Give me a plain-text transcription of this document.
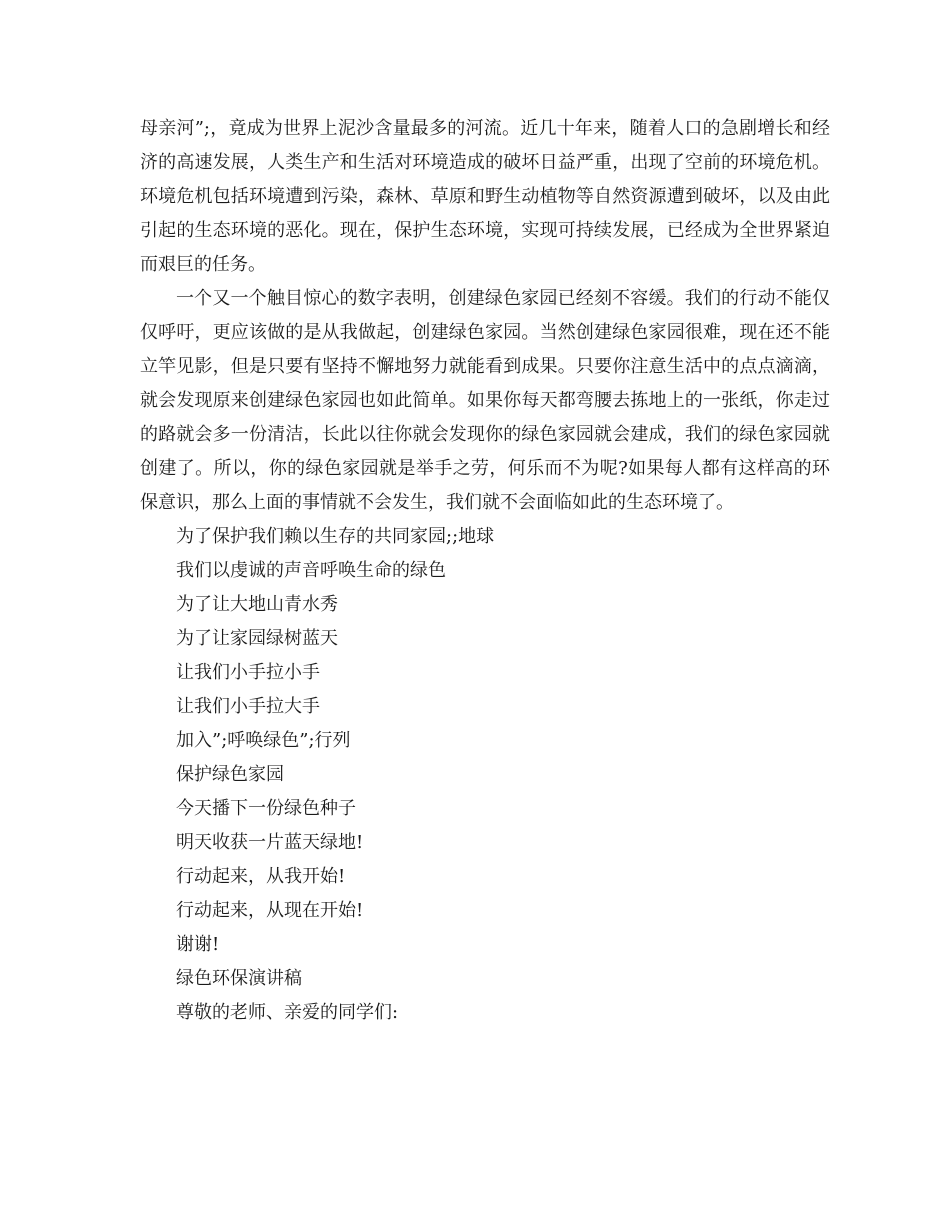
母亲河”;，竟成为世界上泥沙含量最多的河流。近几十年来，随着人口的急剧增长和经济的高速发展，人类生产和生活对环境造成的破坏日益严重，出现了空前的环境危机。环境危机包括环境遭到污染，森林、草原和野生动植物等自然资源遭到破坏，以及由此引起的生态环境的恶化。现在，保护生态环境，实现可持续发展，已经成为全世界紧迫而艰巨的任务。

一个又一个触目惊心的数字表明，创建绿色家园已经刻不容缓。我们的行动不能仅仅呼吁，更应该做的是从我做起，创建绿色家园。当然创建绿色家园很难，现在还不能立竿见影，但是只要有坚持不懈地努力就能看到成果。只要你注意生活中的点点滴滴，就会发现原来创建绿色家园也如此简单。如果你每天都弯腰去拣地上的一张纸，你走过的路就会多一份清洁，长此以往你就会发现你的绿色家园就会建成，我们的绿色家园就创建了。所以，你的绿色家园就是举手之劳，何乐而不为呢?如果每人都有这样高的环保意识，那么上面的事情就不会发生，我们就不会面临如此的生态环境了。

为了保护我们赖以生存的共同家园;;地球
我们以虔诚的声音呼唤生命的绿色
为了让大地山青水秀
为了让家园绿树蓝天
让我们小手拉小手
让我们小手拉大手
加入”;呼唤绿色”;行列
保护绿色家园
今天播下一份绿色种子
明天收获一片蓝天绿地!
行动起来，从我开始!
行动起来，从现在开始!
谢谢!
绿色环保演讲稿
尊敬的老师、亲爱的同学们:
